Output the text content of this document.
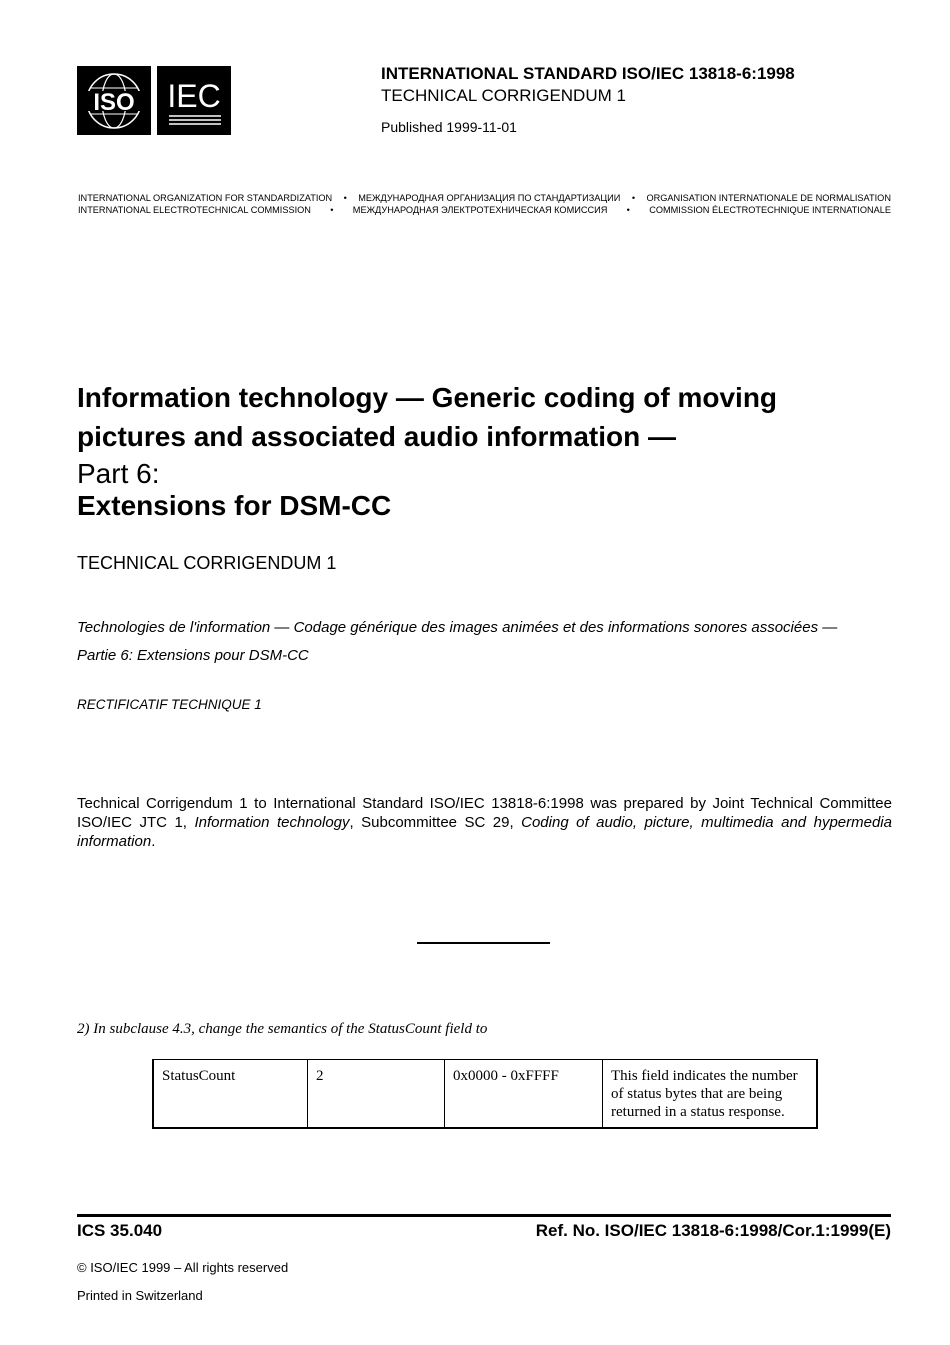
ISO IEC
INTERNATIONAL STANDARD ISO/IEC 13818-6:1998
TECHNICAL CORRIGENDUM 1
Published 1999-11-01
INTERNATIONAL ORGANIZATION FOR STANDARDIZATION	•	МЕЖДУНАРОДНАЯ ОРГАНИЗАЦИЯ ПО СТАНДАРТИЗАЦИИ	•	ORGANISATION INTERNATIONALE DE NORMALISATION
INTERNATIONAL ELECTROTECHNICAL COMMISSION	•	МЕЖДУНАРОДНАЯ ЭЛЕКТРОТЕХНИЧЕСКАЯ КОМИССИЯ	•	COMMISSION ÉLECTROTECHNIQUE INTERNATIONALE
Information technology — Generic coding of moving
pictures and associated audio information —
Part 6:
Extensions for DSM-CC
TECHNICAL CORRIGENDUM 1
Technologies de l'information — Codage générique des images animées et des informations sonores associées —
Partie 6: Extensions pour DSM-CC
RECTIFICATIF TECHNIQUE 1
Technical Corrigendum 1 to International Standard ISO/IEC 13818-6:1998 was prepared by Joint Technical Committee ISO/IEC JTC 1, Information technology, Subcommittee SC 29, Coding of audio, picture, multimedia and hypermedia information.
2) In subclause 4.3, change the semantics of the StatusCount field to
StatusCount	2	0x0000 - 0xFFFF	This field indicates the number of status bytes that are being returned in a status response.
ICS 35.040	Ref. No. ISO/IEC 13818-6:1998/Cor.1:1999(E)
© ISO/IEC 1999 – All rights reserved
Printed in Switzerland
